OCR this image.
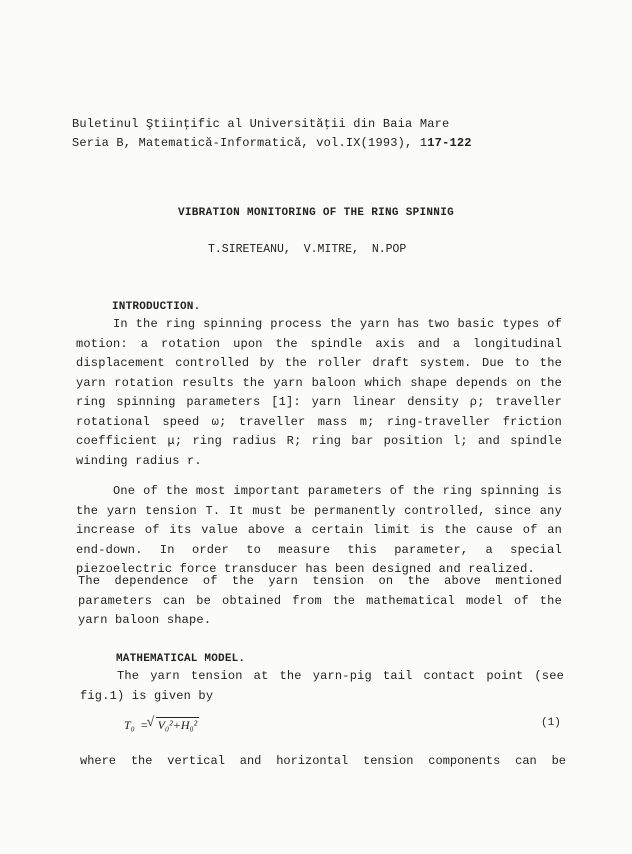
Buletinul Ştiinţific al Universităţii din Baia Mare
Seria B, Matematică-Informatică, vol.IX(1993), 117-122
VIBRATION MONITORING OF THE RING SPINNIG
T.SIRETEANU, V.MITRE, N.POP
INTRODUCTION.
In the ring spinning process the yarn has two basic types of motion: a rotation upon the spindle axis and a longitudinal displacement controlled by the roller draft system. Due to the yarn rotation results the yarn baloon which shape depends on the ring spinning parameters [1]: yarn linear density ρ; traveller rotational speed ω; traveller mass m; ring-traveller friction coefficient μ; ring radius R; ring bar position l; and spindle winding radius r.
One of the most important parameters of the ring spinning is the yarn tension T. It must be permanently controlled, since any increase of its value above a certain limit is the cause of an end-down. In order to measure this parameter, a special piezoelectric force transducer has been designed and realized.
The dependence of the yarn tension on the above mentioned parameters can be obtained from the mathematical model of the yarn baloon shape.
MATHEMATICAL MODEL.
The yarn tension at the yarn-pig tail contact point (see fig.1) is given by
T₀ =√ V₀²+H₀²	(1)
where the vertical and horizontal tension components can be
